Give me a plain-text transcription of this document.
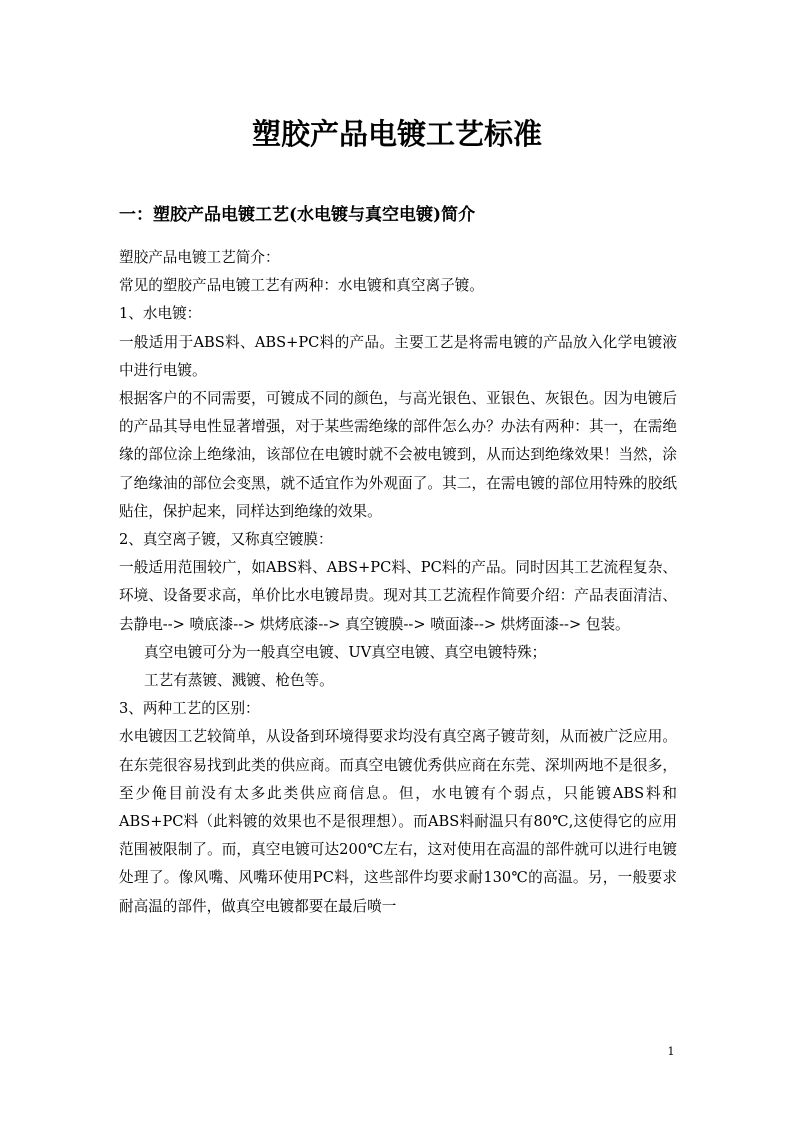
塑胶产品电镀工艺标准
一：塑胶产品电镀工艺(水电镀与真空电镀)简介

塑胶产品电镀工艺简介：

常见的塑胶产品电镀工艺有两种：水电镀和真空离子镀。

1、水电镀：

一般适用于ABS料、ABS+PC料的产品。主要工艺是将需电镀的产品放入化学电镀液中进行电镀。

根据客户的不同需要，可镀成不同的颜色，与高光银色、亚银色、灰银色。因为电镀后的产品其导电性显著增强，对于某些需绝缘的部件怎么办？办法有两种：其一，在需绝缘的部位涂上绝缘油，该部位在电镀时就不会被电镀到，从而达到绝缘效果！当然，涂了绝缘油的部位会变黑，就不适宜作为外观面了。其二，在需电镀的部位用特殊的胶纸贴住，保护起来，同样达到绝缘的效果。

2、真空离子镀，又称真空镀膜：

一般适用范围较广，如ABS料、ABS+PC料、PC料的产品。同时因其工艺流程复杂、环境、设备要求高，单价比水电镀昂贵。现对其工艺流程作简要介绍：产品表面清洁、去静电--> 喷底漆--> 烘烤底漆--> 真空镀膜--> 喷面漆--> 烘烤面漆--> 包装。

真空电镀可分为一般真空电镀、UV真空电镀、真空电镀特殊；

工艺有蒸镀、溅镀、枪色等。

3、两种工艺的区别：

水电镀因工艺较简单，从设备到环境得要求均没有真空离子镀苛刻，从而被广泛应用。在东莞很容易找到此类的供应商。而真空电镀优秀供应商在东莞、深圳两地不是很多，至少俺目前没有太多此类供应商信息。但，水电镀有个弱点，只能镀ABS料和ABS+PC料（此料镀的效果也不是很理想）。而ABS料耐温只有80℃,这使得它的应用范围被限制了。而，真空电镀可达200℃左右，这对使用在高温的部件就可以进行电镀处理了。像风嘴、风嘴环使用PC料，这些部件均要求耐130℃的高温。另，一般要求耐高温的部件，做真空电镀都要在最后喷一

1
